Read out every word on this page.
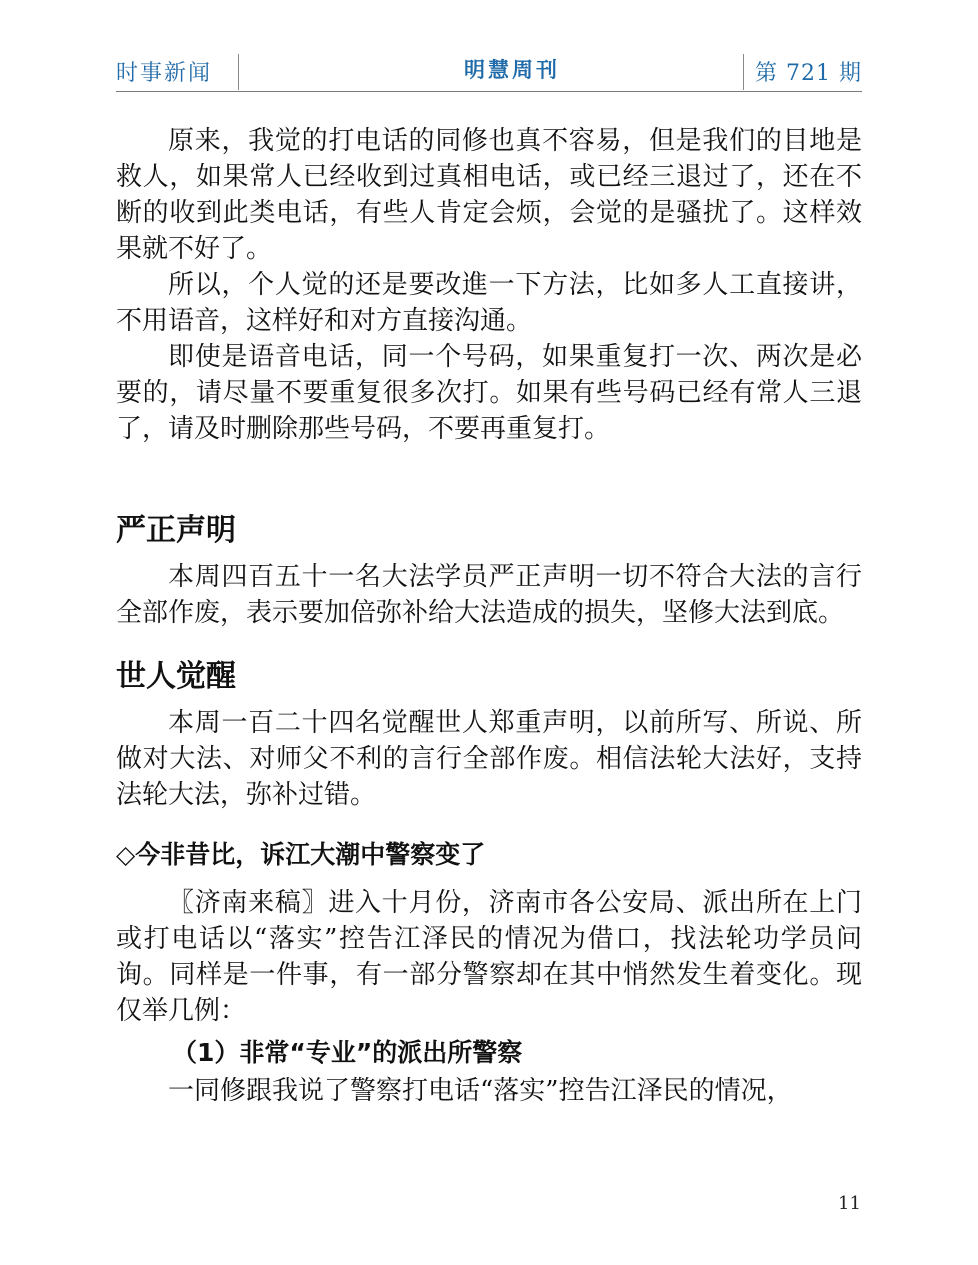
时事新闻	明慧周刊	第 721 期

原来，我觉的打电话的同修也真不容易，但是我们的目地是救人，如果常人已经收到过真相电话，或已经三退过了，还在不断的收到此类电话，有些人肯定会烦，会觉的是骚扰了。这样效果就不好了。

所以，个人觉的还是要改進一下方法，比如多人工直接讲，不用语音，这样好和对方直接沟通。

即使是语音电话，同一个号码，如果重复打一次、两次是必要的，请尽量不要重复很多次打。如果有些号码已经有常人三退了，请及时删除那些号码，不要再重复打。

严正声明

本周四百五十一名大法学员严正声明一切不符合大法的言行全部作废，表示要加倍弥补给大法造成的损失，坚修大法到底。

世人觉醒

本周一百二十四名觉醒世人郑重声明，以前所写、所说、所做对大法、对师父不利的言行全部作废。相信法轮大法好，支持法轮大法，弥补过错。

◇今非昔比，诉江大潮中警察变了

〖济南来稿〗进入十月份，济南市各公安局、派出所在上门或打电话以“落实”控告江泽民的情况为借口，找法轮功学员问询。同样是一件事，有一部分警察却在其中悄然发生着变化。现仅举几例：

（1）非常“专业”的派出所警察

一同修跟我说了警察打电话“落实”控告江泽民的情况，

11
